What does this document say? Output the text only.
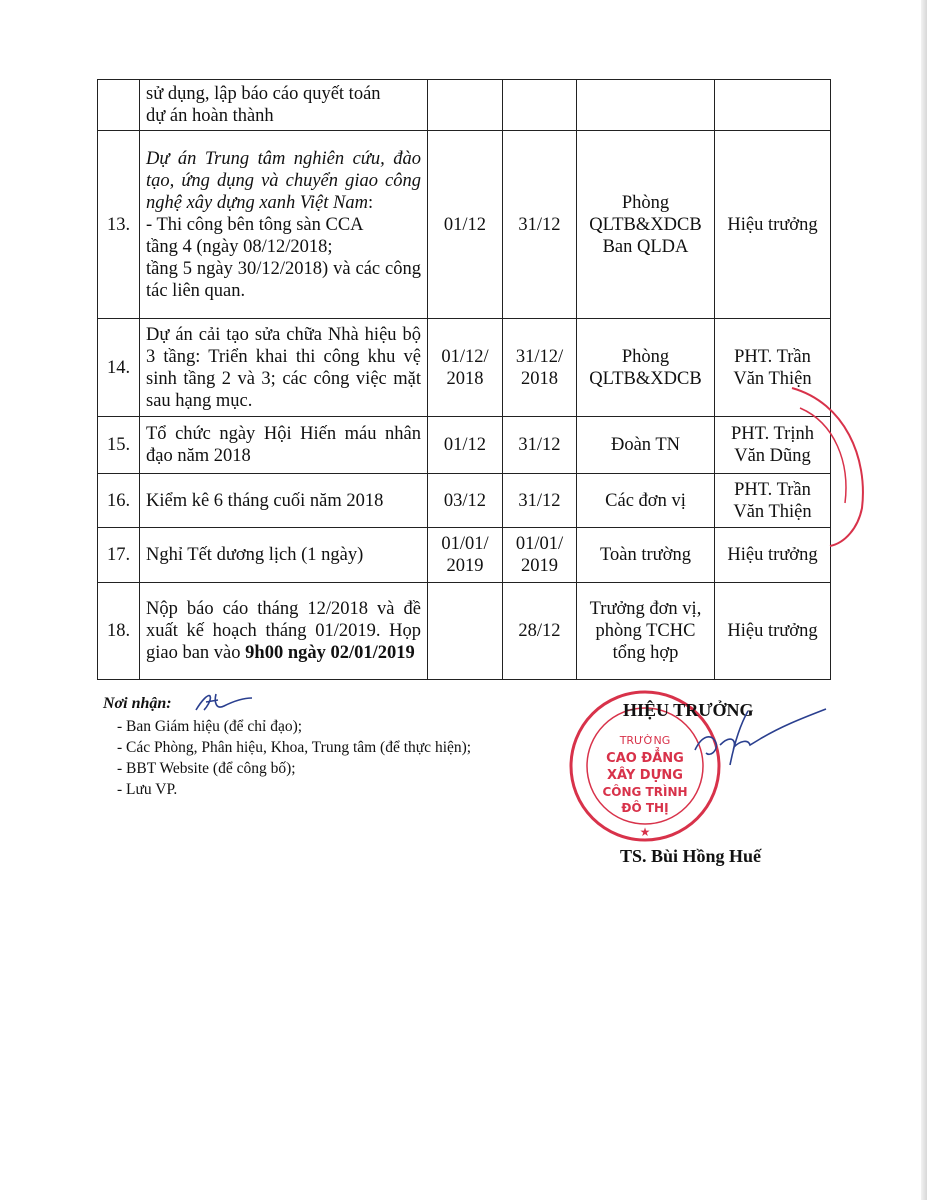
	sử dụng, lập báo cáo quyết toán
dự án hoàn thành				

13.	Dự án Trung tâm nghiên cứu, đào tạo, ứng dụng và chuyển giao công nghệ xây dựng xanh Việt Nam:
- Thi công bên tông sàn CCA
tầng 4 (ngày 08/12/2018;
tầng 5 ngày 30/12/2018) và các công tác liên quan.	01/12	31/12	Phòng
QLTB&XDCB
Ban QLDA	Hiệu trưởng

14.	Dự án cải tạo sửa chữa Nhà hiệu bộ 3 tầng: Triển khai thi công khu vệ sinh tầng 2 và 3; các công việc mặt sau hạng mục.	01/12/ 2018	31/12/ 2018	Phòng
QLTB&XDCB	PHT. Trần
Văn Thiện

15.	Tổ chức ngày Hội Hiến máu nhân đạo năm 2018	01/12	31/12	Đoàn TN	PHT. Trịnh
Văn Dũng

16.	Kiểm kê 6 tháng cuối năm 2018	03/12	31/12	Các đơn vị	PHT. Trần
Văn Thiện

17.	Nghỉ Tết dương lịch (1 ngày)	01/01/ 2019	01/01/ 2019	Toàn trường	Hiệu trưởng

18.	Nộp báo cáo tháng 12/2018 và đề xuất kế hoạch tháng 01/2019. Họp giao ban vào 9h00 ngày 02/01/2019		28/12	Trưởng đơn vị,
phòng TCHC
tổng hợp	Hiệu trưởng
Nơi nhận:
- Ban Giám hiệu (để chỉ đạo);
- Các Phòng, Phân hiệu, Khoa, Trung tâm (để thực hiện);
- BBT Website (để công bố);
- Lưu VP.
TRƯỜNG
CAO ĐẲNG
XÂY DỰNG
CÔNG TRÌNH
ĐÔ THỊ
★
HIỆU TRƯỞNG
TS. Bùi Hồng Huế
